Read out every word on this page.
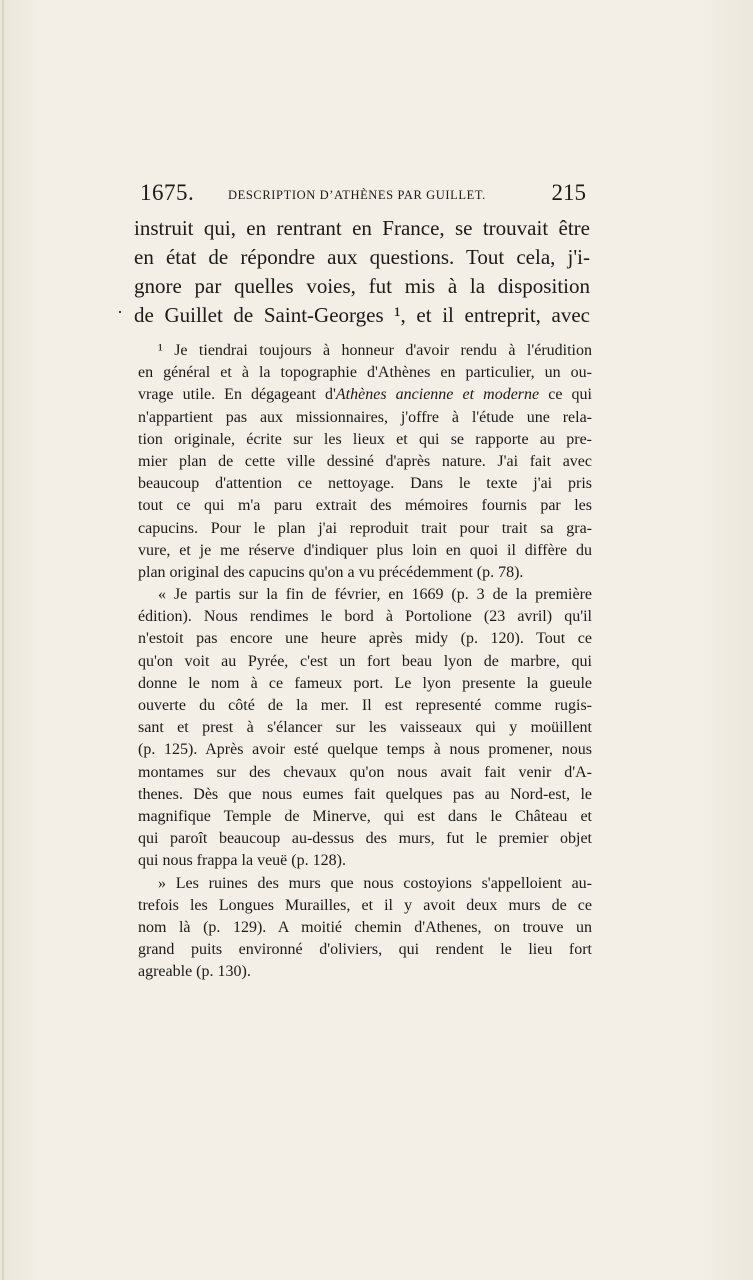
1675.	DESCRIPTION D’ATHÈNES PAR GUILLET.	215
·
instruit qui, en rentrant en France, se trouvait être
en état de répondre aux questions. Tout cela, j'i-
gnore par quelles voies, fut mis à la disposition
de Guillet de Saint-Georges ¹, et il entreprit, avec
¹ Je tiendrai toujours à honneur d'avoir rendu à l'érudition
en général et à la topographie d'Athènes en particulier, un ou-
vrage utile. En dégageant d'Athènes ancienne et moderne ce qui
n'appartient pas aux missionnaires, j'offre à l'étude une rela-
tion originale, écrite sur les lieux et qui se rapporte au pre-
mier plan de cette ville dessiné d'après nature. J'ai fait avec
beaucoup d'attention ce nettoyage. Dans le texte j'ai pris
tout ce qui m'a paru extrait des mémoires fournis par les
capucins. Pour le plan j'ai reproduit trait pour trait sa gra-
vure, et je me réserve d'indiquer plus loin en quoi il diffère du
plan original des capucins qu'on a vu précédemment (p. 78).
« Je partis sur la fin de février, en 1669 (p. 3 de la première
édition). Nous rendimes le bord à Portolione (23 avril) qu'il
n'estoit pas encore une heure après midy (p. 120). Tout ce
qu'on voit au Pyrée, c'est un fort beau lyon de marbre, qui
donne le nom à ce fameux port. Le lyon presente la gueule
ouverte du côté de la mer. Il est representé comme rugis-
sant et prest à s'élancer sur les vaisseaux qui y moüillent
(p. 125). Après avoir esté quelque temps à nous promener, nous
montames sur des chevaux qu'on nous avait fait venir d'A-
thenes. Dès que nous eumes fait quelques pas au Nord-est, le
magnifique Temple de Minerve, qui est dans le Château et
qui paroît beaucoup au-dessus des murs, fut le premier objet
qui nous frappa la veuë (p. 128).
» Les ruines des murs que nous costoyions s'appelloient au-
trefois les Longues Murailles, et il y avoit deux murs de ce
nom là (p. 129). A moitié chemin d'Athenes, on trouve un
grand puits environné d'oliviers, qui rendent le lieu fort
agreable (p. 130).
